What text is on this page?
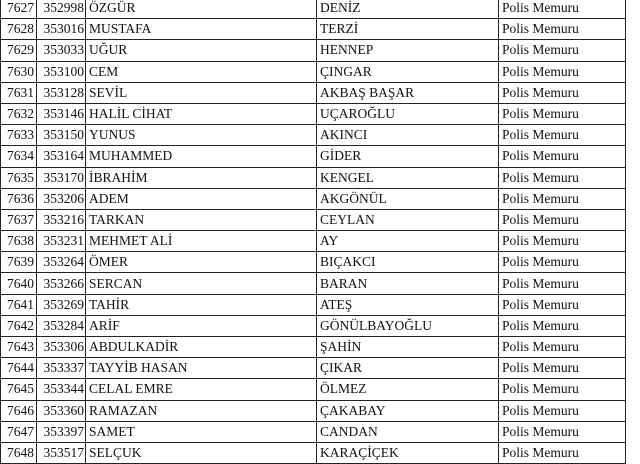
7627	352998	ÖZGÜR	DENİZ	Polis Memuru	
7628	353016	MUSTAFA	TERZİ	Polis Memuru	
7629	353033	UĞUR	HENNEP	Polis Memuru	
7630	353100	CEM	ÇINGAR	Polis Memuru	
7631	353128	SEVİL	AKBAŞ BAŞAR	Polis Memuru	
7632	353146	HALİL CİHAT	UÇAROĞLU	Polis Memuru	
7633	353150	YUNUS	AKINCI	Polis Memuru	
7634	353164	MUHAMMED	GİDER	Polis Memuru	
7635	353170	İBRAHİM	KENGEL	Polis Memuru	
7636	353206	ADEM	AKGÖNÜL	Polis Memuru	
7637	353216	TARKAN	CEYLAN	Polis Memuru	
7638	353231	MEHMET ALİ	AY	Polis Memuru	
7639	353264	ÖMER	BIÇAKCI	Polis Memuru	
7640	353266	SERCAN	BARAN	Polis Memuru	
7641	353269	TAHİR	ATEŞ	Polis Memuru	
7642	353284	ARİF	GÖNÜLBAYOĞLU	Polis Memuru	
7643	353306	ABDULKADİR	ŞAHİN	Polis Memuru	
7644	353337	TAYYİB HASAN	ÇIKAR	Polis Memuru	
7645	353344	CELAL EMRE	ÖLMEZ	Polis Memuru	
7646	353360	RAMAZAN	ÇAKABAY	Polis Memuru	
7647	353397	SAMET	CANDAN	Polis Memuru	
7648	353517	SELÇUK	KARAÇİÇEK	Polis Memuru	
